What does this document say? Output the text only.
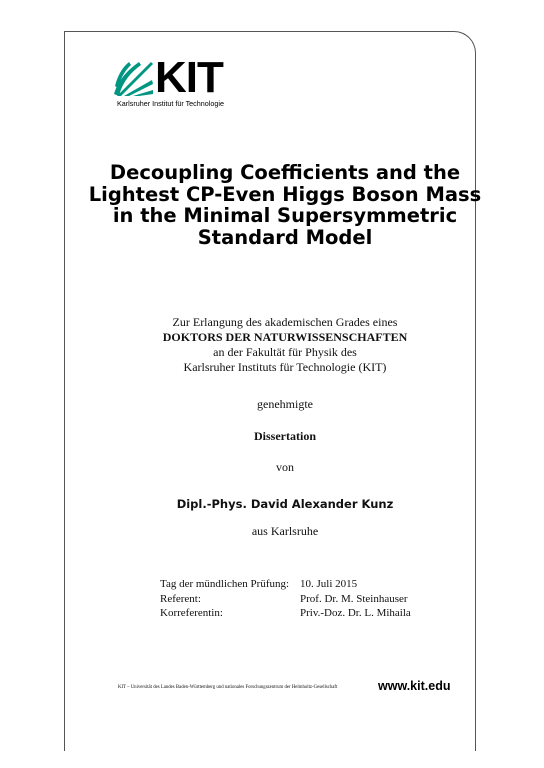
KIT
Karlsruher Institut für Technologie
Decoupling Coefficients and the
Lightest CP-Even Higgs Boson Mass
in the Minimal Supersymmetric
Standard Model
Zur Erlangung des akademischen Grades eines
DOKTORS DER NATURWISSENSCHAFTEN
an der Fakultät für Physik des
Karlsruher Instituts für Technologie (KIT)
genehmigte
Dissertation
von
Dipl.-Phys. David Alexander Kunz
aus Karlsruhe
Tag der mündlichen Prüfung: 10. Juli 2015
Referent:	Prof. Dr. M. Steinhauser
Korreferentin:	Priv.-Doz. Dr. L. Mihaila
KIT – Universität des Landes Baden-Württemberg und nationales Forschungszentrum der Helmholtz-Gesellschaft	www.kit.edu
